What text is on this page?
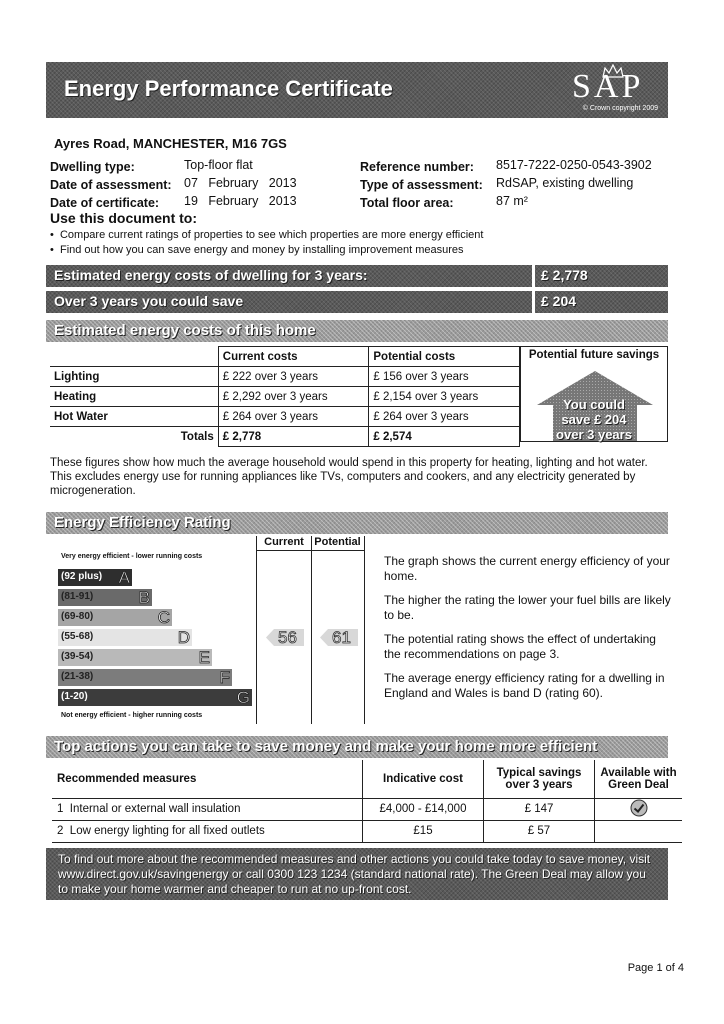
Energy Performance Certificate	SAP
© Crown copyright 2009
Ayres Road, MANCHESTER, M16 7GS
Dwelling type:	Top-floor flat
Date of assessment: 07   February   2013
Date of certificate: 19   February   2013
Reference number: 8517-7222-0250-0543-3902
Type of assessment: RdSAP, existing dwelling
Total floor area:	87 m²
Use this document to:
•  Compare current ratings of properties to see which properties are more energy efficient
•  Find out how you can save energy and money by installing improvement measures
Estimated energy costs of dwelling for 3 years:	£ 2,778
Over 3 years you could save	£ 204
Estimated energy costs of this home
	Current costs	Potential costs
Lighting	£ 222 over 3 years	£ 156 over 3 years
Heating	£ 2,292 over 3 years	£ 2,154 over 3 years
Hot Water	£ 264 over 3 years	£ 264 over 3 years
Totals	£ 2,778	£ 2,574
Potential future savings
You could
save £ 204
over 3 years
These figures show how much the average household would spend in this property for heating, lighting and hot water. This excludes energy use for running appliances like TVs, computers and cookers, and any electricity generated by microgeneration.
Energy Efficiency Rating
Current Potential
Very energy efficient - lower running costs
(92 plus) A
(81-91)	B
(69-80)	C
(55-68)	D
(39-54)	E
(21-38)	F
(1-20)	G
Not energy efficient - higher running costs
56 61
The graph shows the current energy efficiency of your home.
The higher the rating the lower your fuel bills are likely to be.
The potential rating shows the effect of undertaking the recommendations on page 3.
The average energy efficiency rating for a dwelling in England and Wales is band D (rating 60).
Top actions you can take to save money and make your home more efficient
Recommended measures	Indicative cost	Typical savings over 3 years	Available with Green Deal
1 Internal or external wall insulation	£4,000 - £14,000	£ 147	
2 Low energy lighting for all fixed outlets	£15	£ 57	
To find out more about the recommended measures and other actions you could take today to save money, visit www.direct.gov.uk/savingenergy or call 0300 123 1234 (standard national rate). The Green Deal may allow you to make your home warmer and cheaper to run at no up-front cost.
Page 1 of 4
